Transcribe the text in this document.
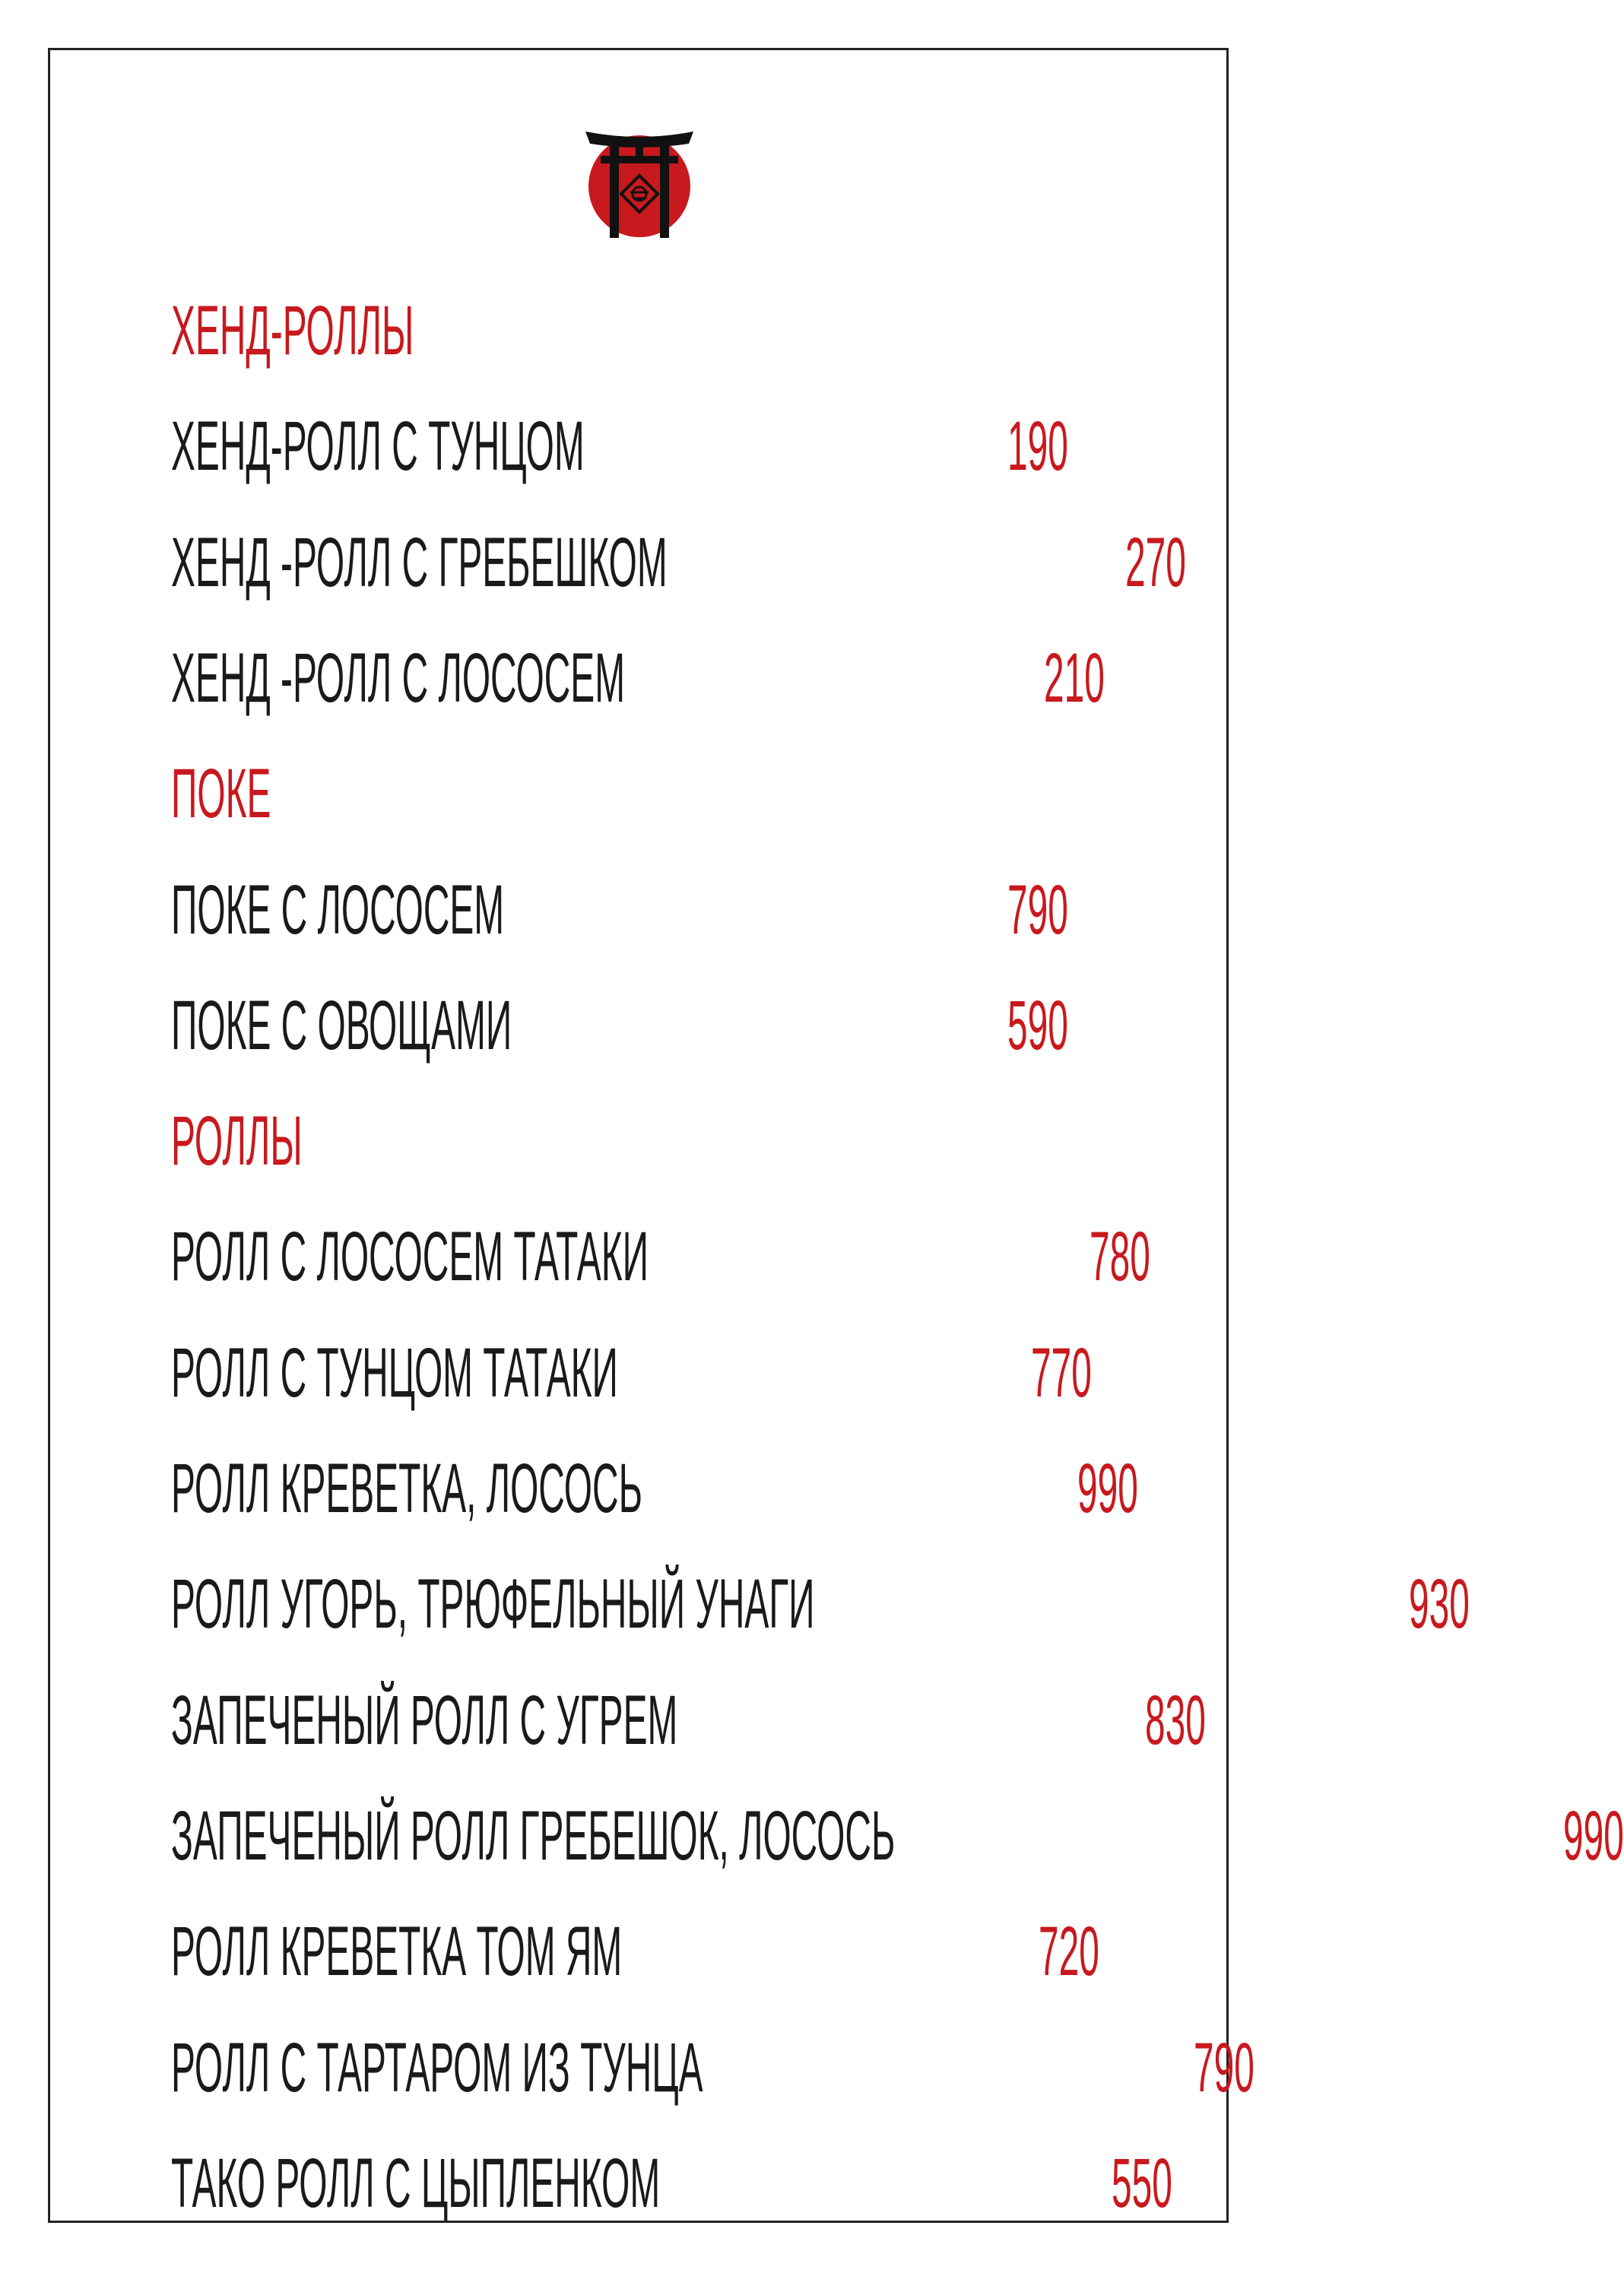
ХЕНД-РОЛЛЫ
ХЕНД-РОЛЛ С ТУНЦОМ	190
ХЕНД -РОЛЛ С ГРЕБЕШКОМ	270
ХЕНД -РОЛЛ С ЛОСОСЕМ	210
ПОКЕ
ПОКЕ С ЛОСОСЕМ	790
ПОКЕ С ОВОЩАМИ	590
РОЛЛЫ
РОЛЛ С ЛОСОСЕМ ТАТАКИ	780
РОЛЛ С ТУНЦОМ ТАТАКИ	770
РОЛЛ КРЕВЕТКА, ЛОСОСЬ	990
РОЛЛ УГОРЬ, ТРЮФЕЛЬНЫЙ УНАГИ	930
ЗАПЕЧЕНЫЙ РОЛЛ С УГРЕМ	830
ЗАПЕЧЕНЫЙ РОЛЛ ГРЕБЕШОК, ЛОСОСЬ	990
РОЛЛ КРЕВЕТКА ТОМ ЯМ	720
РОЛЛ С ТАРТАРОМ ИЗ ТУНЦА	790
ТАКО РОЛЛ С ЦЫПЛЕНКОМ	550
